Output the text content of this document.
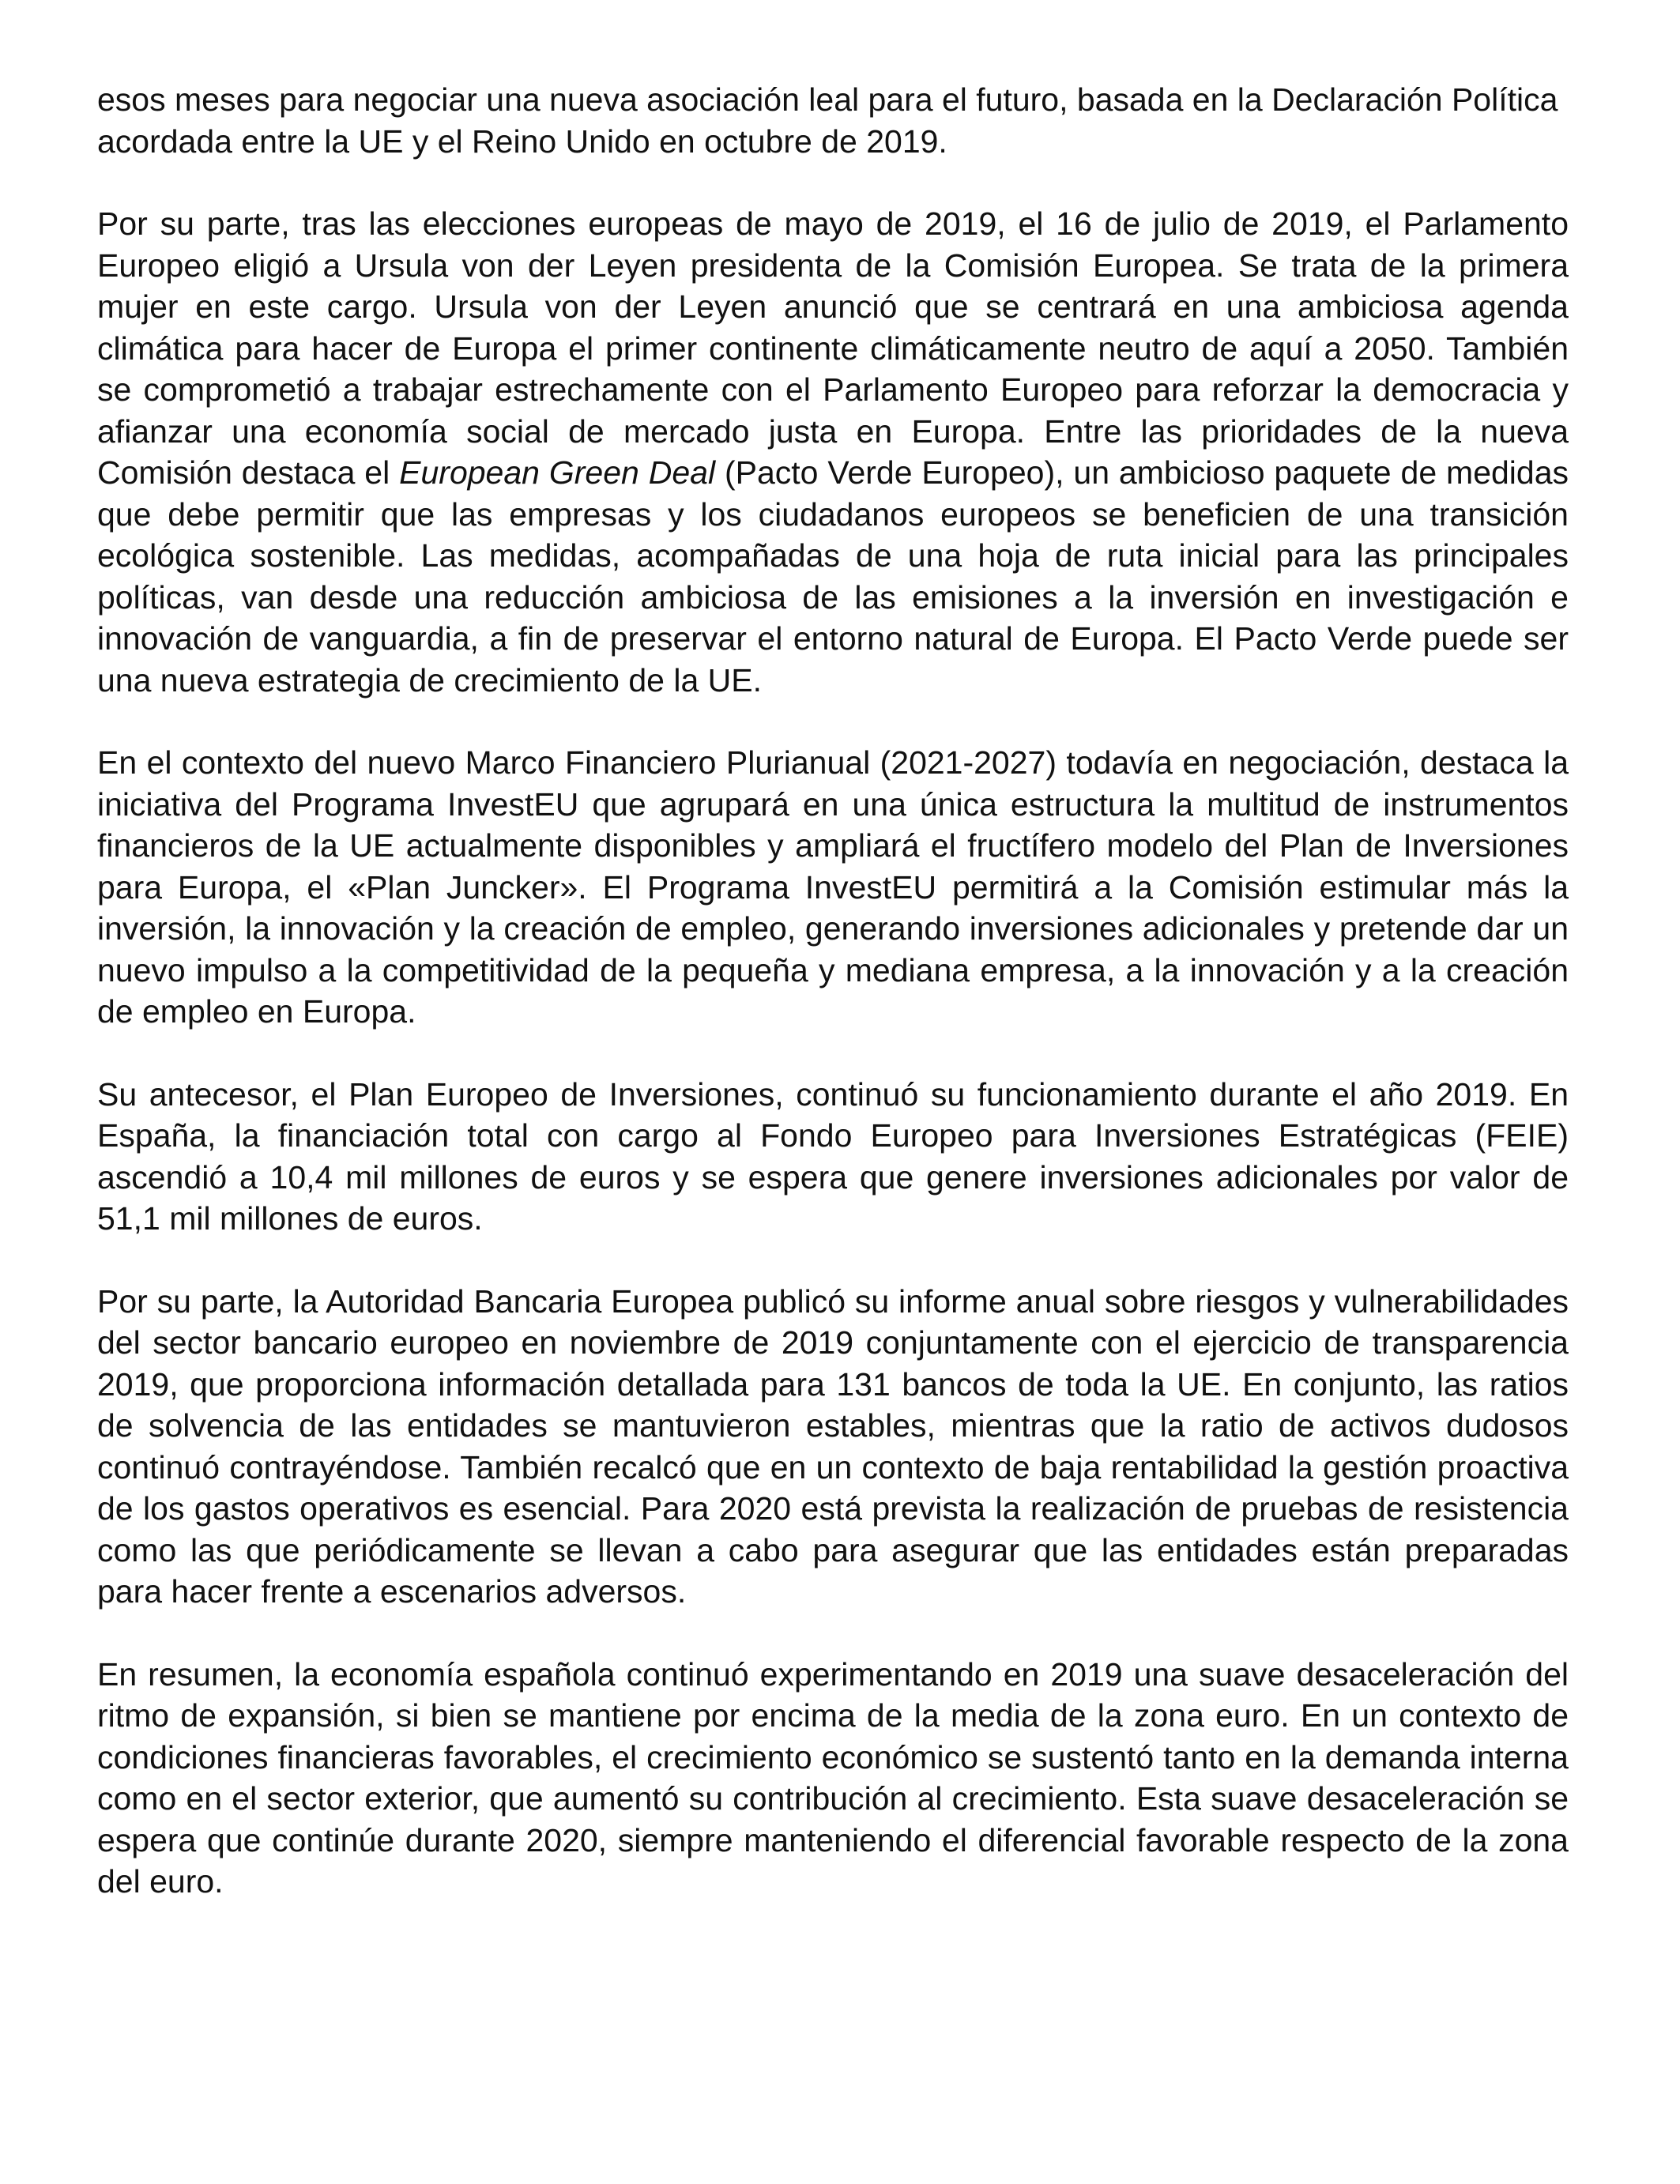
esos meses para negociar una nueva asociación leal para el futuro, basada en la Declaración Política acordada entre la UE y el Reino Unido en octubre de 2019.

Por su parte, tras las elecciones europeas de mayo de 2019, el 16 de julio de 2019, el Parlamento Europeo eligió a Ursula von der Leyen presidenta de la Comisión Europea. Se trata de la primera mujer en este cargo. Ursula von der Leyen anunció que se centrará en una ambiciosa agenda climática para hacer de Europa el primer continente climáticamente neutro de aquí a 2050. También se comprometió a trabajar estrechamente con el Parlamento Europeo para reforzar la democracia y afianzar una economía social de mercado justa en Europa. Entre las prioridades de la nueva Comisión destaca el European Green Deal (Pacto Verde Europeo), un ambicioso paquete de medidas que debe permitir que las empresas y los ciudadanos europeos se beneficien de una transición ecológica sostenible. Las medidas, acompañadas de una hoja de ruta inicial para las principales políticas, van desde una reducción ambiciosa de las emisiones a la inversión en investigación e innovación de vanguardia, a fin de preservar el entorno natural de Europa. El Pacto Verde puede ser una nueva estrategia de crecimiento de la UE.

En el contexto del nuevo Marco Financiero Plurianual (2021-2027) todavía en negociación, destaca la iniciativa del Programa InvestEU que agrupará en una única estructura la multitud de instrumentos financieros de la UE actualmente disponibles y ampliará el fructífero modelo del Plan de Inversiones para Europa, el «Plan Juncker». El Programa InvestEU permitirá a la Comisión estimular más la inversión, la innovación y la creación de empleo, generando inversiones adicionales y pretende dar un nuevo impulso a la competitividad de la pequeña y mediana empresa, a la innovación y a la creación de empleo en Europa.

Su antecesor, el Plan Europeo de Inversiones, continuó su funcionamiento durante el año 2019. En España, la financiación total con cargo al Fondo Europeo para Inversiones Estratégicas (FEIE) ascendió a 10,4 mil millones de euros y se espera que genere inversiones adicionales por valor de 51,1 mil millones de euros.

Por su parte, la Autoridad Bancaria Europea publicó su informe anual sobre riesgos y vulnerabilidades del sector bancario europeo en noviembre de 2019 conjuntamente con el ejercicio de transparencia 2019, que proporciona información detallada para 131 bancos de toda la UE. En conjunto, las ratios de solvencia de las entidades se mantuvieron estables, mientras que la ratio de activos dudosos continuó contrayéndose. También recalcó que en un contexto de baja rentabilidad la gestión proactiva de los gastos operativos es esencial. Para 2020 está prevista la realización de pruebas de resistencia como las que periódicamente se llevan a cabo para asegurar que las entidades están preparadas para hacer frente a escenarios adversos.

En resumen, la economía española continuó experimentando en 2019 una suave desaceleración del ritmo de expansión, si bien se mantiene por encima de la media de la zona euro. En un contexto de condiciones financieras favorables, el crecimiento económico se sustentó tanto en la demanda interna como en el sector exterior, que aumentó su contribución al crecimiento. Esta suave desaceleración se espera que continúe durante 2020, siempre manteniendo el diferencial favorable respecto de la zona del euro.
